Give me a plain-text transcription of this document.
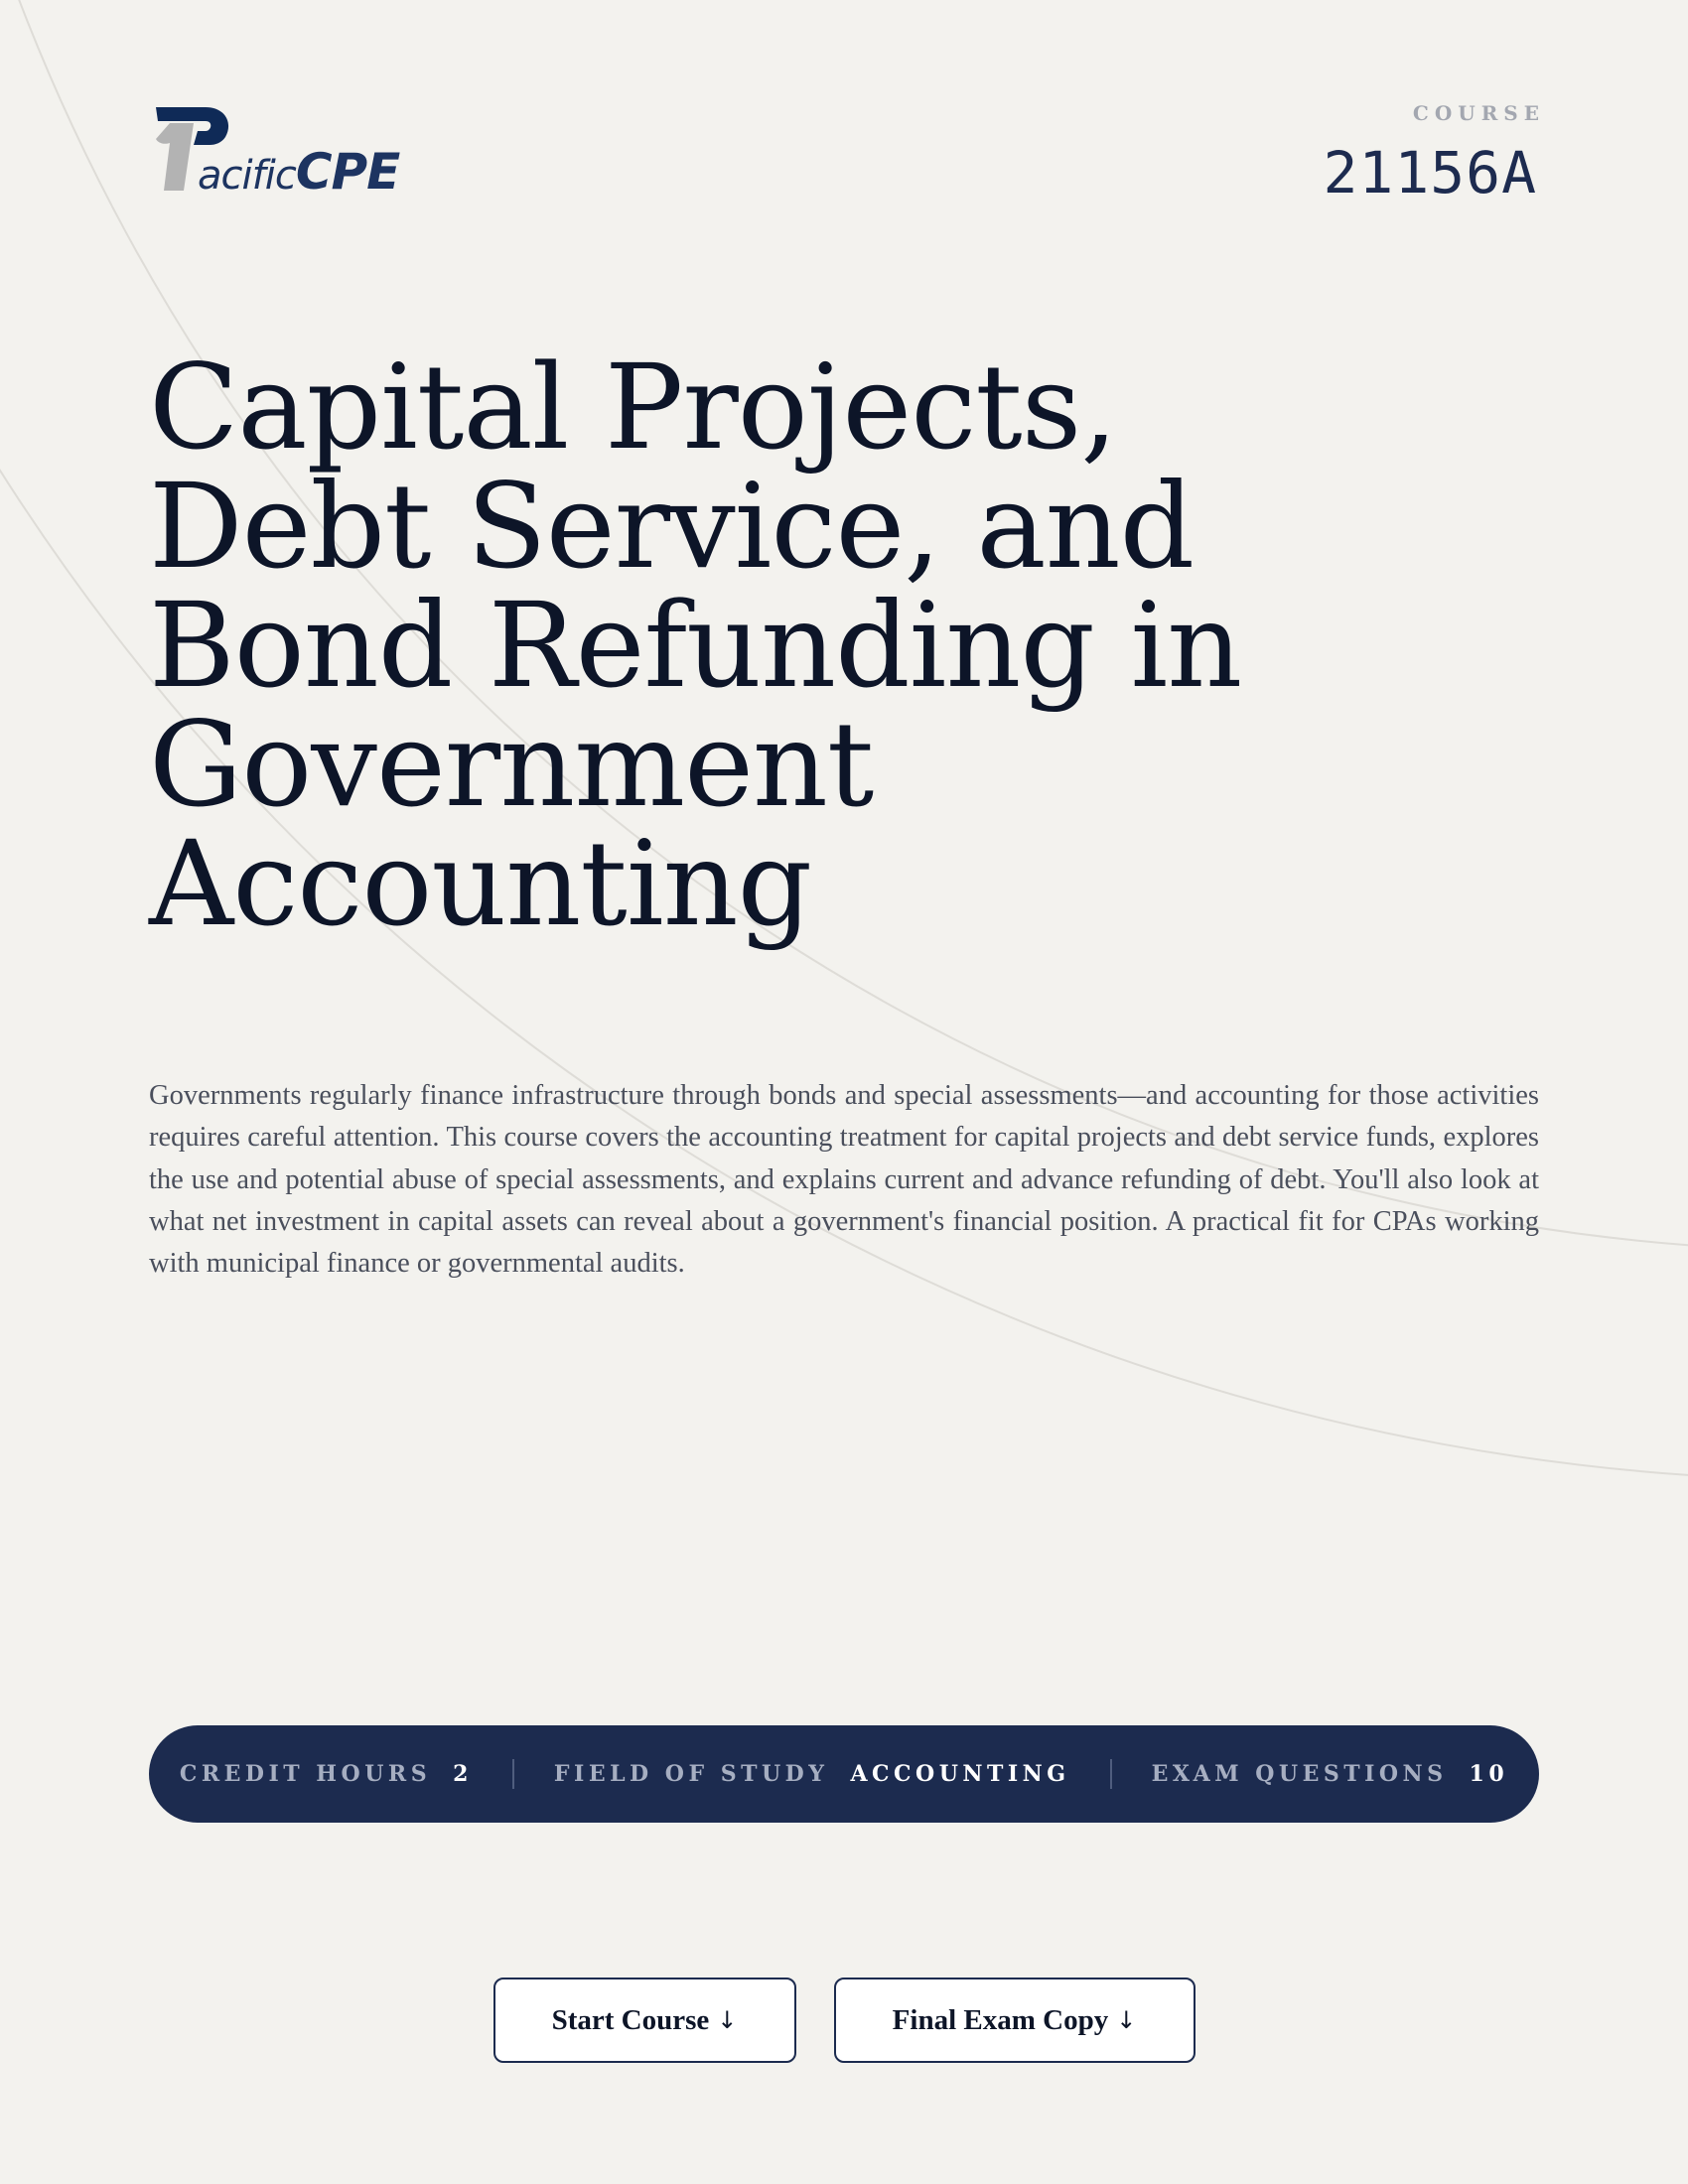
acificCPE
COURSE
21156A
Capital Projects,
Debt Service, and
Bond Refunding in
Government
Accounting

Governments regularly finance infrastructure through bonds and special assessments—and accounting for those activities requires careful attention. This course covers the accounting treatment for capital projects and debt service funds, explores the use and potential abuse of special assessments, and explains current and advance refunding of debt. You'll also look at what net investment in capital assets can reveal about a government's financial position. A practical fit for CPAs working with municipal finance or governmental audits.

CREDIT HOURS 2	FIELD OF STUDY ACCOUNTING	EXAM QUESTIONS 10
Start Course ↓	Final Exam Copy ↓
